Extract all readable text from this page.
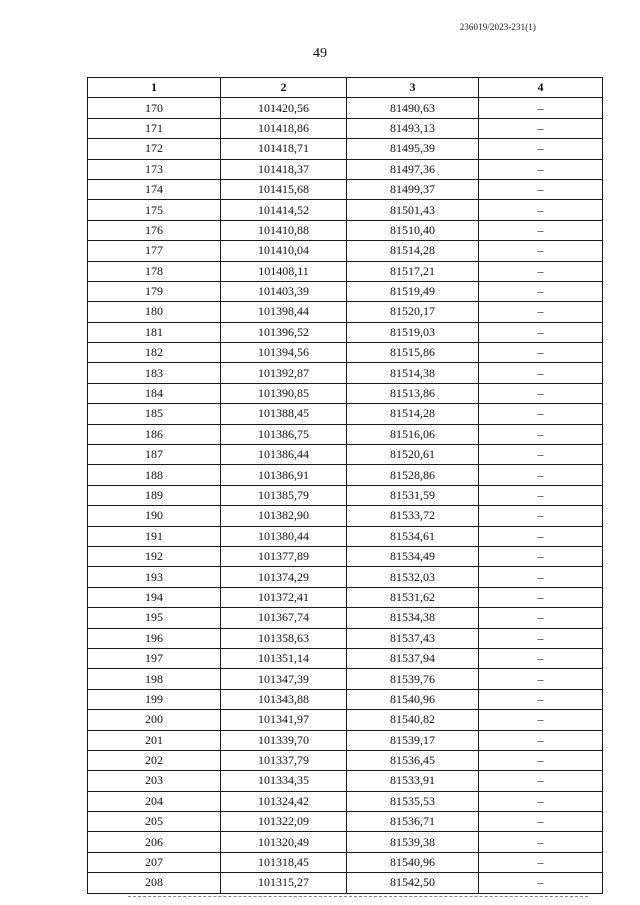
236019/2023-231(1)
49
1	2	3	4
170	101420,56	81490,63	–
171	101418,86	81493,13	–
172	101418,71	81495,39	–
173	101418,37	81497,36	–
174	101415,68	81499,37	–
175	101414,52	81501,43	–
176	101410,88	81510,40	–
177	101410,04	81514,28	–
178	101408,11	81517,21	–
179	101403,39	81519,49	–
180	101398,44	81520,17	–
181	101396,52	81519,03	–
182	101394,56	81515,86	–
183	101392,87	81514,38	–
184	101390,85	81513,86	–
185	101388,45	81514,28	–
186	101386,75	81516,06	–
187	101386,44	81520,61	–
188	101386,91	81528,86	–
189	101385,79	81531,59	–
190	101382,90	81533,72	–
191	101380,44	81534,61	–
192	101377,89	81534,49	–
193	101374,29	81532,03	–
194	101372,41	81531,62	–
195	101367,74	81534,38	–
196	101358,63	81537,43	–
197	101351,14	81537,94	–
198	101347,39	81539,76	–
199	101343,88	81540,96	–
200	101341,97	81540,82	–
201	101339,70	81539,17	–
202	101337,79	81536,45	–
203	101334,35	81533,91	–
204	101324,42	81535,53	–
205	101322,09	81536,71	–
206	101320,49	81539,38	–
207	101318,45	81540,96	–
208	101315,27	81542,50	–
